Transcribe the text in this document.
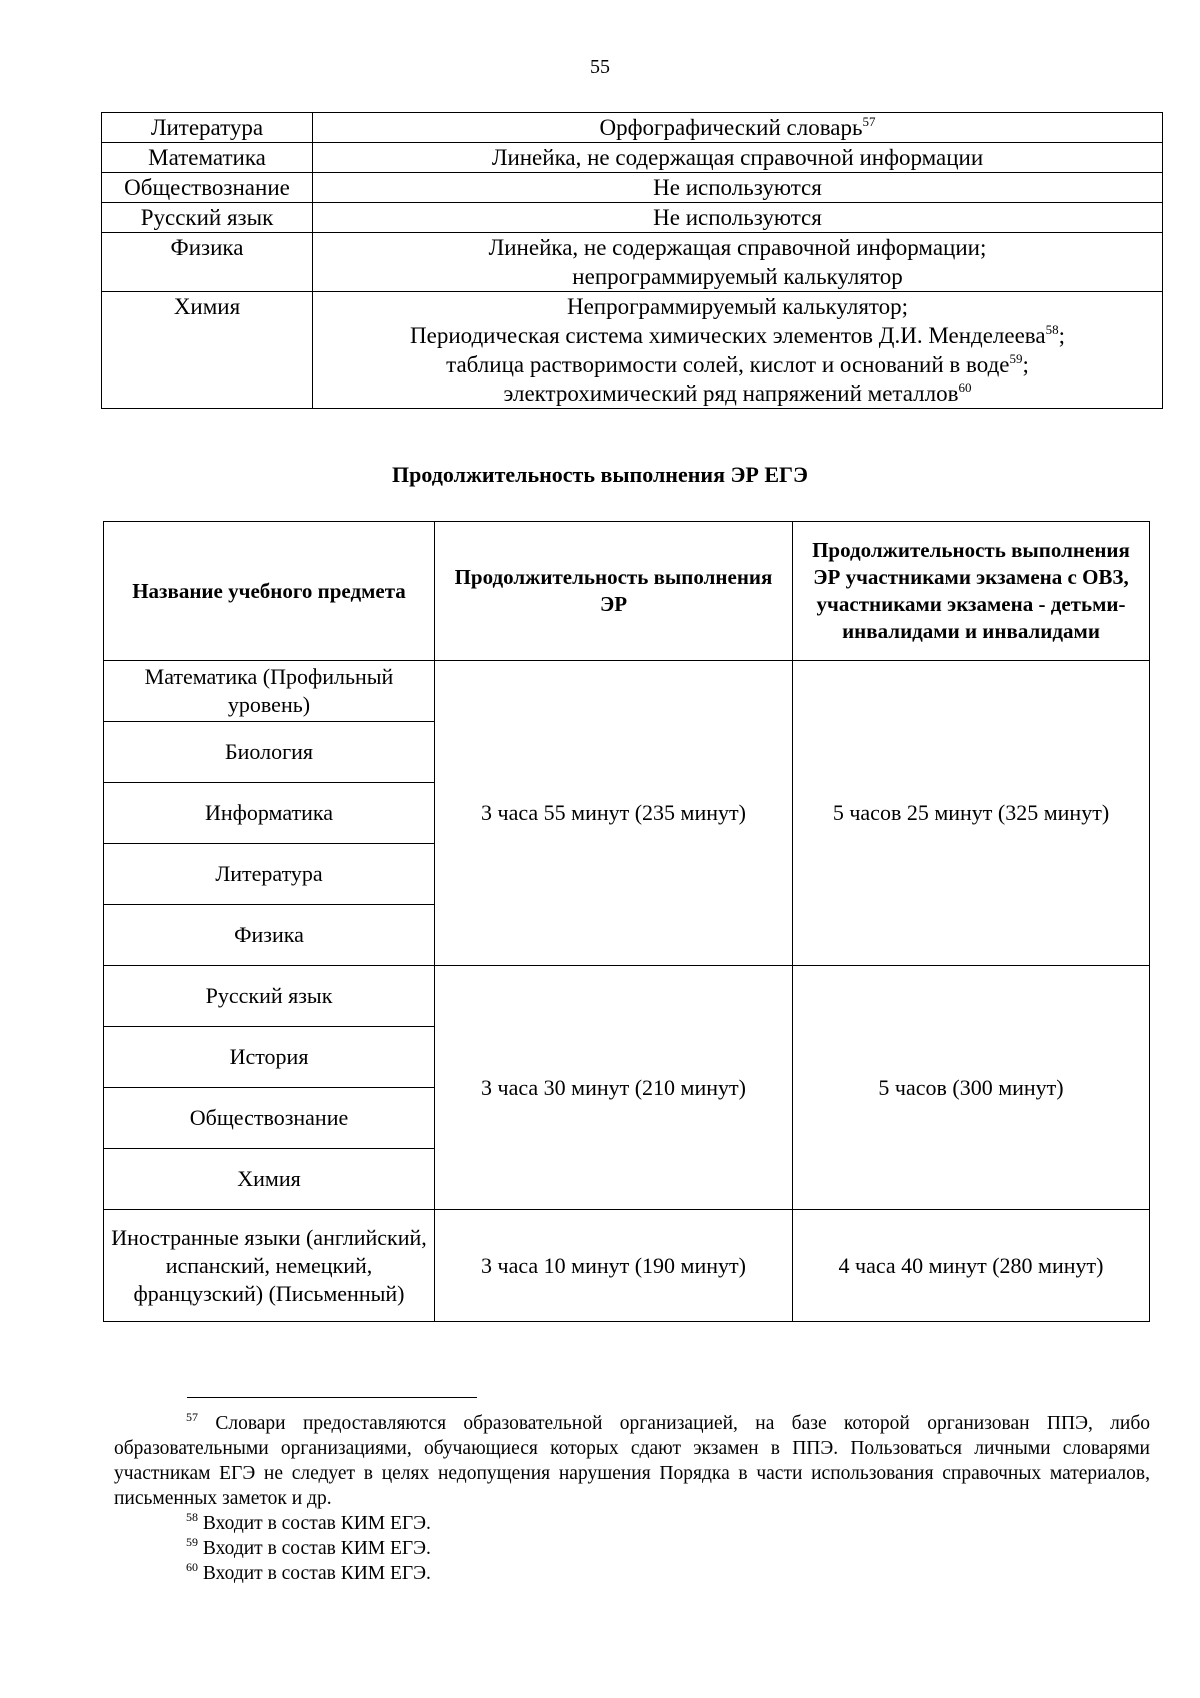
55
Литература	Орфографический словарь$^{57}$

Математика	Линейка, не содержащая справочной информации

Обществознание	Не используются

Русский язык	Не используются

Физика	Линейка, не содержащая справочной информации;
непрограммируемый калькулятор

Химия	Непрограммируемый калькулятор;
Периодическая система химических элементов Д.И. Менделеева$^{58}$;
таблица растворимости солей, кислот и оснований в воде$^{59}$;
электрохимический ряд напряжений металлов$^{60}$
Продолжительность выполнения ЭР ЕГЭ
Название учебного предмета	Продолжительность выполнения ЭР	Продолжительность выполнения ЭР участниками экзамена с ОВЗ, участниками экзамена - детьми-инвалидами и инвалидами
Математика (Профильный уровень)	3 часа 55 минут (235 минут)	5 часов 25 минут (325 минут)
Биология		
Информатика		
Литература		
Физика		
Русский язык	3 часа 30 минут (210 минут)	5 часов (300 минут)
История		
Обществознание		
Химия		
Иностранные языки (английский, испанский, немецкий, французский) (Письменный)	3 часа 10 минут (190 минут)	4 часа 40 минут (280 минут)

$^{57}$ Словари предоставляются образовательной организацией, на базе которой организован ППЭ, либо образовательными организациями, обучающиеся которых сдают экзамен в ППЭ. Пользоваться личными словарями участникам ЕГЭ не следует в целях недопущения нарушения Порядка в части использования справочных материалов, письменных заметок и др.

$^{58}$ Входит в состав КИМ ЕГЭ.

$^{59}$ Входит в состав КИМ ЕГЭ.

$^{60}$ Входит в состав КИМ ЕГЭ.
